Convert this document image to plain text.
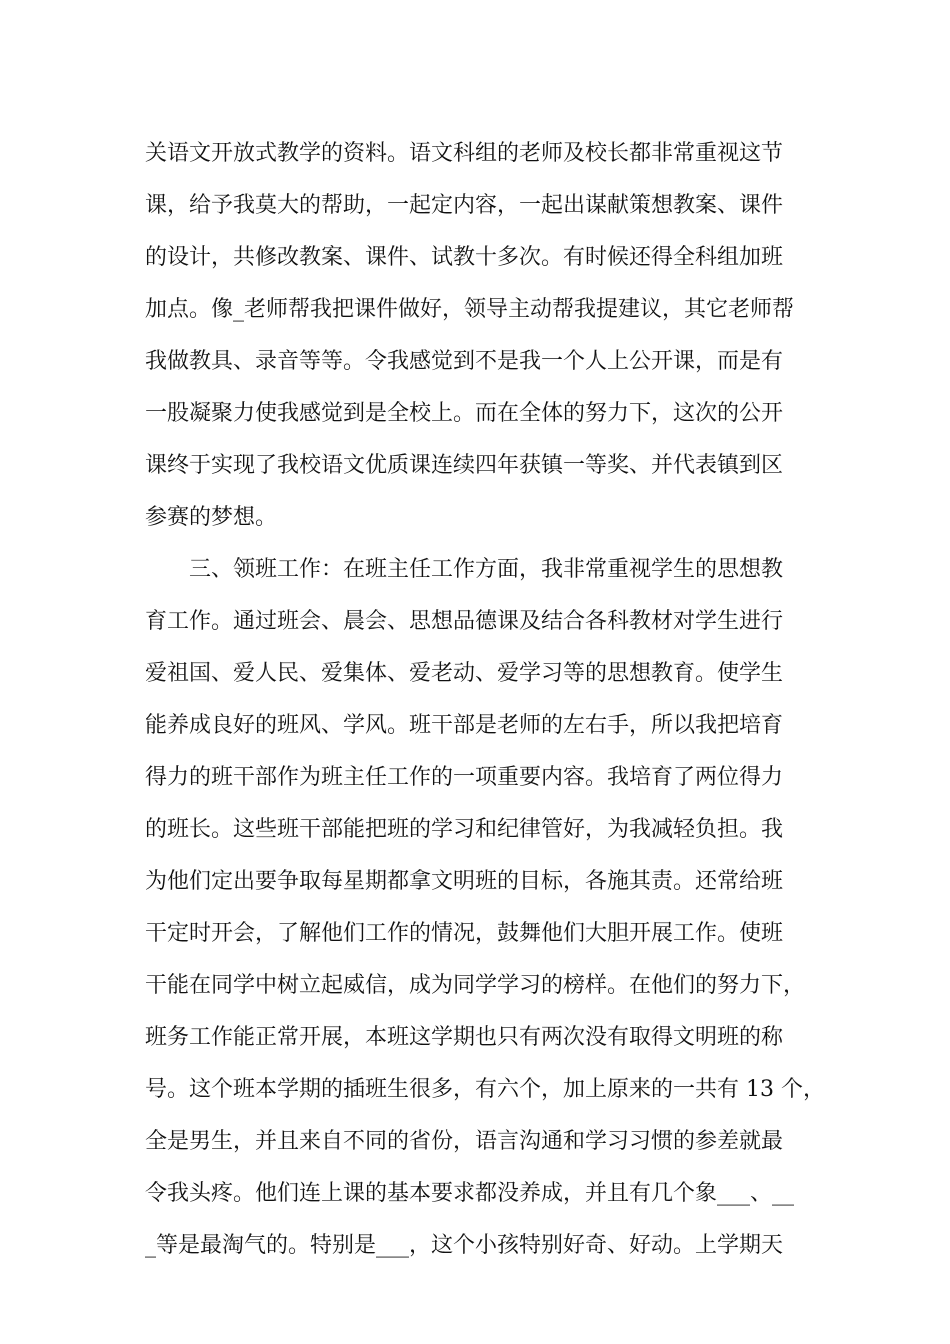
关语文开放式教学的资料。语文科组的老师及校长都非常重视这节
课，给予我莫大的帮助，一起定内容，一起出谋献策想教案、课件
的设计，共修改教案、课件、试教十多次。有时候还得全科组加班
加点。像_老师帮我把课件做好，领导主动帮我提建议，其它老师帮
我做教具、录音等等。令我感觉到不是我一个人上公开课，而是有
一股凝聚力使我感觉到是全校上。而在全体的努力下，这次的公开
课终于实现了我校语文优质课连续四年获镇一等奖、并代表镇到区
参赛的梦想。
三、领班工作：在班主任工作方面，我非常重视学生的思想教
育工作。通过班会、晨会、思想品德课及结合各科教材对学生进行
爱祖国、爱人民、爱集体、爱老动、爱学习等的思想教育。使学生
能养成良好的班风、学风。班干部是老师的左右手，所以我把培育
得力的班干部作为班主任工作的一项重要内容。我培育了两位得力
的班长。这些班干部能把班的学习和纪律管好，为我减轻负担。我
为他们定出要争取每星期都拿文明班的目标，各施其责。还常给班
干定时开会，了解他们工作的情况，鼓舞他们大胆开展工作。使班
干能在同学中树立起威信，成为同学学习的榜样。在他们的努力下，
班务工作能正常开展，本班这学期也只有两次没有取得文明班的称
号。这个班本学期的插班生很多，有六个，加上原来的一共有 13 个，
全是男生，并且来自不同的省份，语言沟通和学习习惯的参差就最
令我头疼。他们连上课的基本要求都没养成，并且有几个象___、__
_等是最淘气的。特别是___，这个小孩特别好奇、好动。上学期天
